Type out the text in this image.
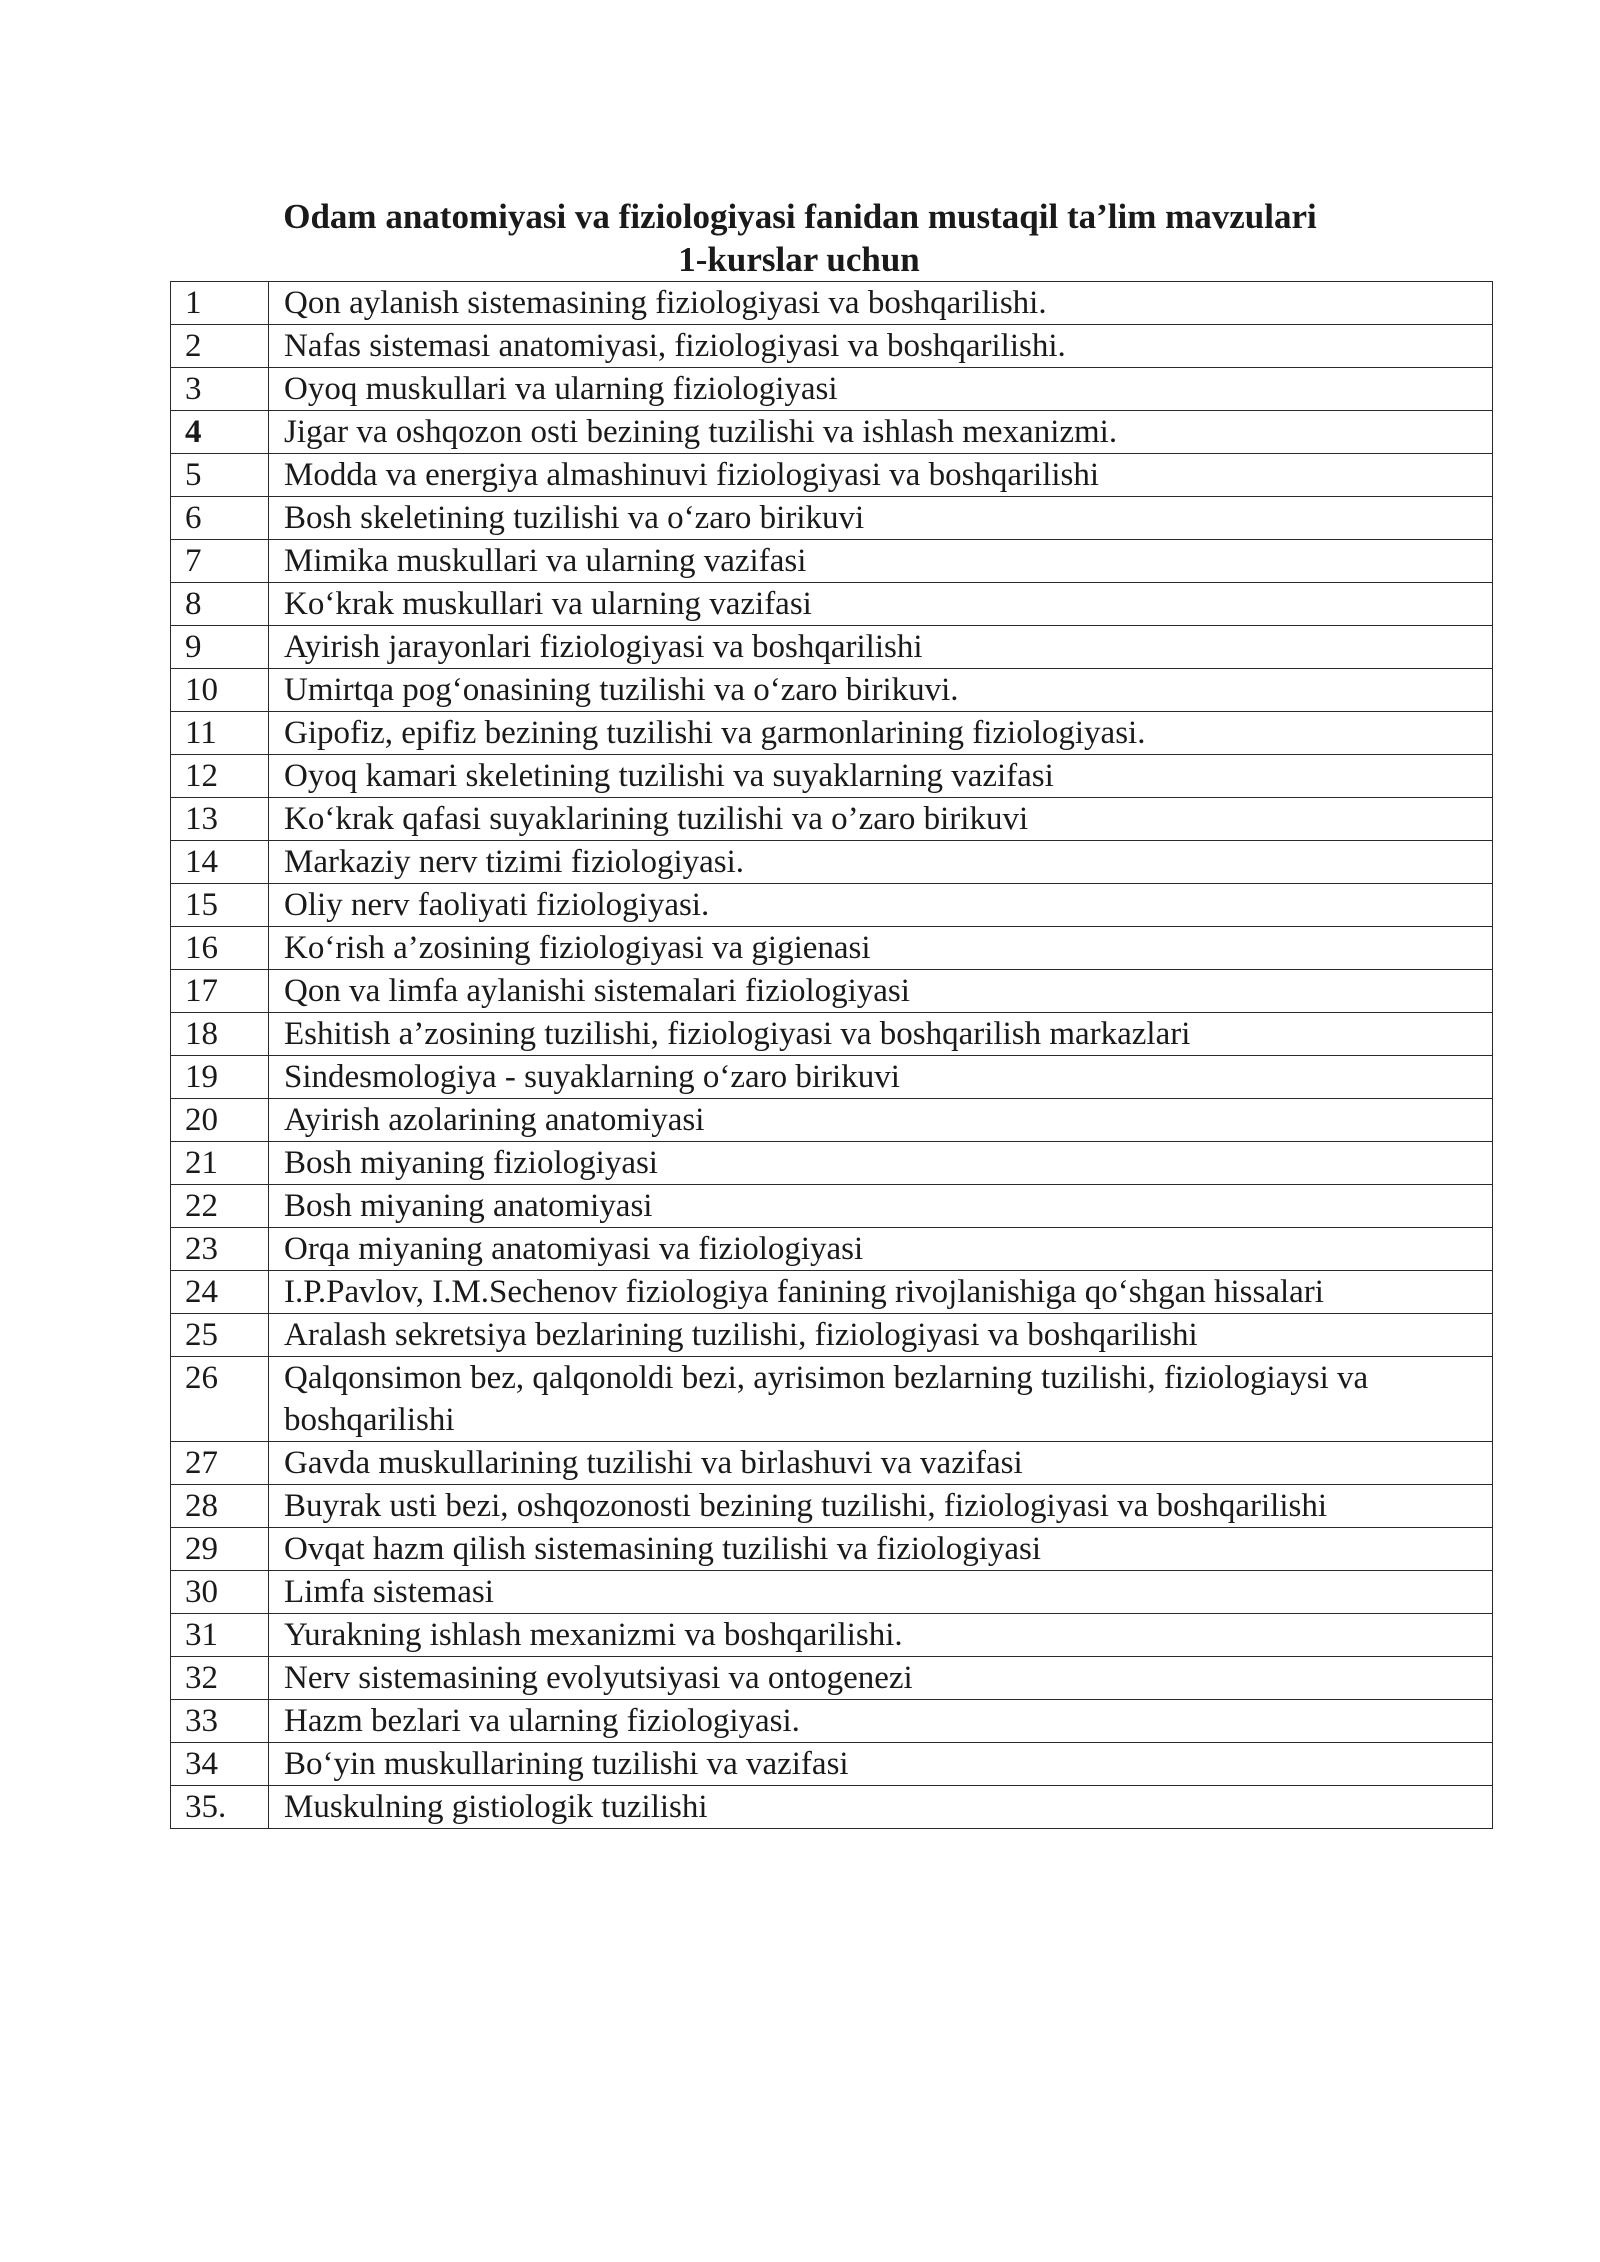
Odam anatomiyasi va fiziologiyasi fanidan mustaqil ta’lim mavzulari
1-kurslar uchun
1	Qon aylanish sistemasining fiziologiyasi va boshqarilishi.
2	Nafas sistemasi anatomiyasi, fiziologiyasi va boshqarilishi.
3	Oyoq muskullari va ularning fiziologiyasi
4	Jigar va oshqozon osti bezining tuzilishi va ishlash mexanizmi.
5	Modda va energiya almashinuvi fiziologiyasi va boshqarilishi
6	Bosh skeletining tuzilishi va o‘zaro birikuvi
7	Mimika muskullari va ularning vazifasi
8	Ko‘krak muskullari va ularning vazifasi
9	Ayirish jarayonlari fiziologiyasi va boshqarilishi
10	Umirtqa pog‘onasining tuzilishi va o‘zaro birikuvi.
11	Gipofiz, epifiz bezining tuzilishi va garmonlarining fiziologiyasi.
12	Oyoq kamari skeletining tuzilishi va suyaklarning vazifasi
13	Ko‘krak qafasi suyaklarining tuzilishi va o’zaro birikuvi
14	Markaziy nerv tizimi fiziologiyasi.
15	Oliy nerv faoliyati fiziologiyasi.
16	Ko‘rish a’zosining fiziologiyasi va gigienasi
17	Qon va limfa aylanishi sistemalari fiziologiyasi
18	Eshitish a’zosining tuzilishi, fiziologiyasi va boshqarilish markazlari
19	Sindesmologiya - suyaklarning o‘zaro birikuvi
20	Ayirish azolarining anatomiyasi
21	Bosh miyaning fiziologiyasi
22	Bosh miyaning anatomiyasi
23	Orqa miyaning anatomiyasi va fiziologiyasi
24	I.P.Pavlov, I.M.Sechenov fiziologiya fanining rivojlanishiga qo‘shgan hissalari
25	Aralash sekretsiya bezlarining tuzilishi, fiziologiyasi va boshqarilishi
26	Qalqonsimon bez, qalqonoldi bezi, ayrisimon bezlarning tuzilishi, fiziologiaysi va boshqarilishi
27	Gavda muskullarining tuzilishi va birlashuvi va vazifasi
28	Buyrak usti bezi, oshqozonosti bezining tuzilishi, fiziologiyasi va boshqarilishi
29	Ovqat hazm qilish sistemasining tuzilishi va fiziologiyasi
30	Limfa sistemasi
31	Yurakning ishlash mexanizmi va boshqarilishi.
32	Nerv sistemasining evolyutsiyasi va ontogenezi
33	Hazm bezlari va ularning fiziologiyasi.
34	Bo‘yin muskullarining tuzilishi va vazifasi
35.	Muskulning gistiologik tuzilishi
